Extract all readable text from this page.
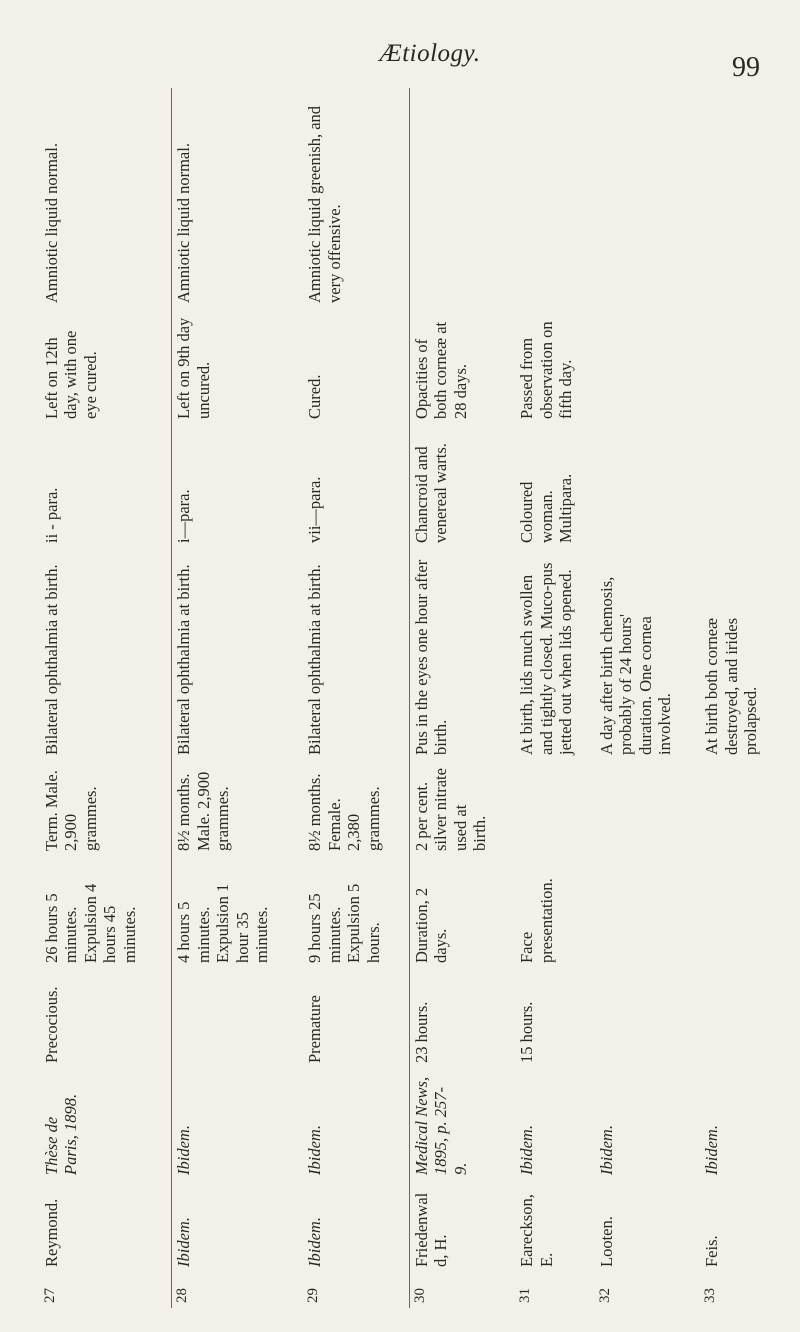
Ætiology.	99
27	Reymond.	Thèse de Paris, 1898.	Precocious.	26 hours 5 minutes. Expulsion 4 hours 45 minutes.	Term. Male. 2,900 grammes.	Bilateral ophthalmia at birth.	ii - para.	Left on 12th day, with one eye cured.	Amniotic liquid normal.
28	Ibidem.	Ibidem.		4 hours 5 minutes. Expulsion 1 hour 35 minutes.	8½ months. Male. 2,900 grammes.	Bilateral ophthalmia at birth.	i—para.	Left on 9th day uncured.	Amniotic liquid normal.
29	Ibidem.	Ibidem.	Premature	9 hours 25 minutes. Expulsion 5 hours.	8½ months. Female. 2,380 grammes.	Bilateral ophthalmia at birth.	vii—para.	Cured.	Amniotic liquid greenish, and very offensive.
30	Friedenwald, H.	Medical News, 1895, p. 257-9.	23 hours.	Duration, 2 days.	2 per cent. silver nitrate used at birth.	Pus in the eyes one hour after birth.	Chancroid and venereal warts.	Opacities of both corneæ at 28 days.	
31	Eareckson, E.	Ibidem.	15 hours.	Face presentation.		At birth, lids much swollen and tightly closed. Muco-pus jetted out when lids opened.	Coloured woman. Multipara.	Passed from observation on fifth day.	
32	Looten.	Ibidem.				A day after birth chemosis, probably of 24 hours' duration. One cornea involved.			
33	Feis.	Ibidem.				At birth both corneæ destroyed, and irides prolapsed.			
